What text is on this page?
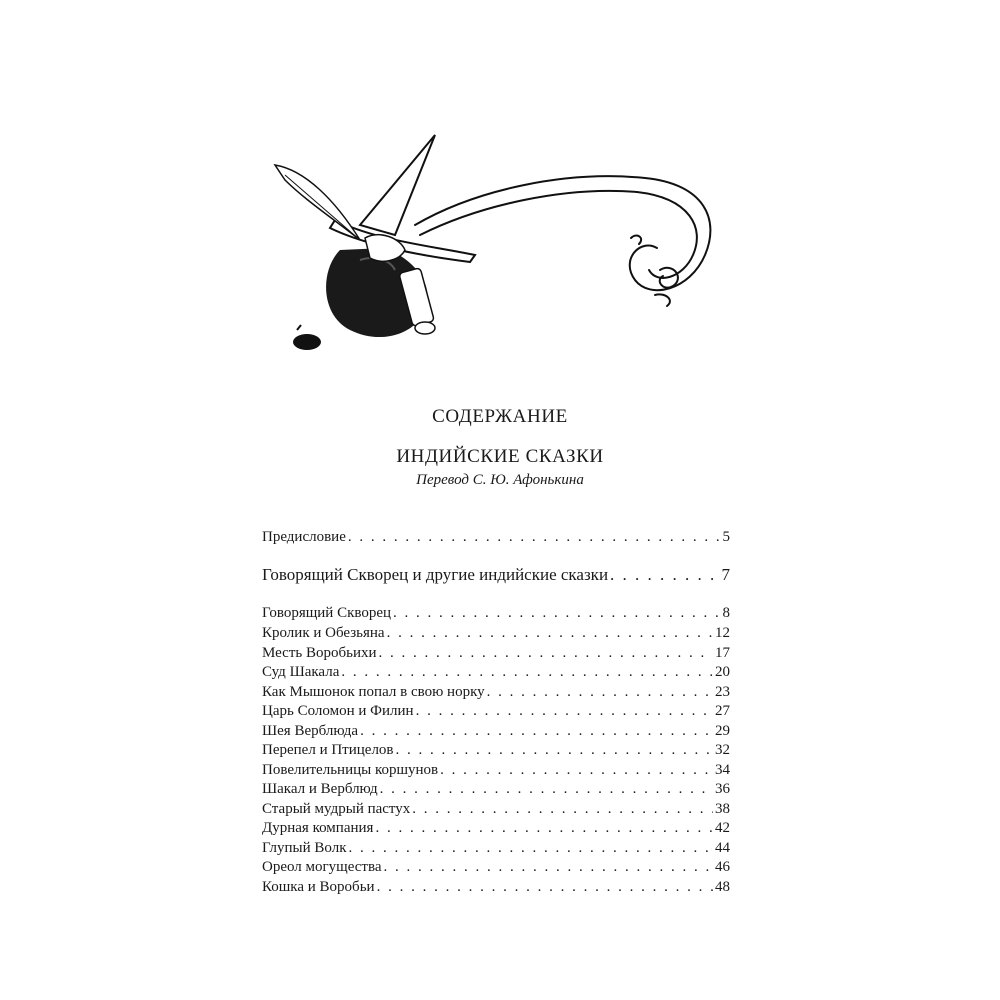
СОДЕРЖАНИЕ
ИНДИЙСКИЕ СКАЗКИ
Перевод С. Ю. Афонькина
Предисловие . . .	5
Говорящий Скворец и другие индийские сказки . . .	7
Говорящий Скворец . . .	8
Кролик и Обезьяна . . .	12
Месть Воробьихи . . .	17
Суд Шакала . . .	20
Как Мышонок попал в свою норку . . .	23
Царь Соломон и Филин . . .	27
Шея Верблюда . . .	29
Перепел и Птицелов . . .	32
Повелительницы коршунов . . .	34
Шакал и Верблюд . . .	36
Старый мудрый пастух . . .	38
Дурная компания . . .	42
Глупый Волк . . .	44
Ореол могущества . . .	46
Кошка и Воробьи . . .	48
